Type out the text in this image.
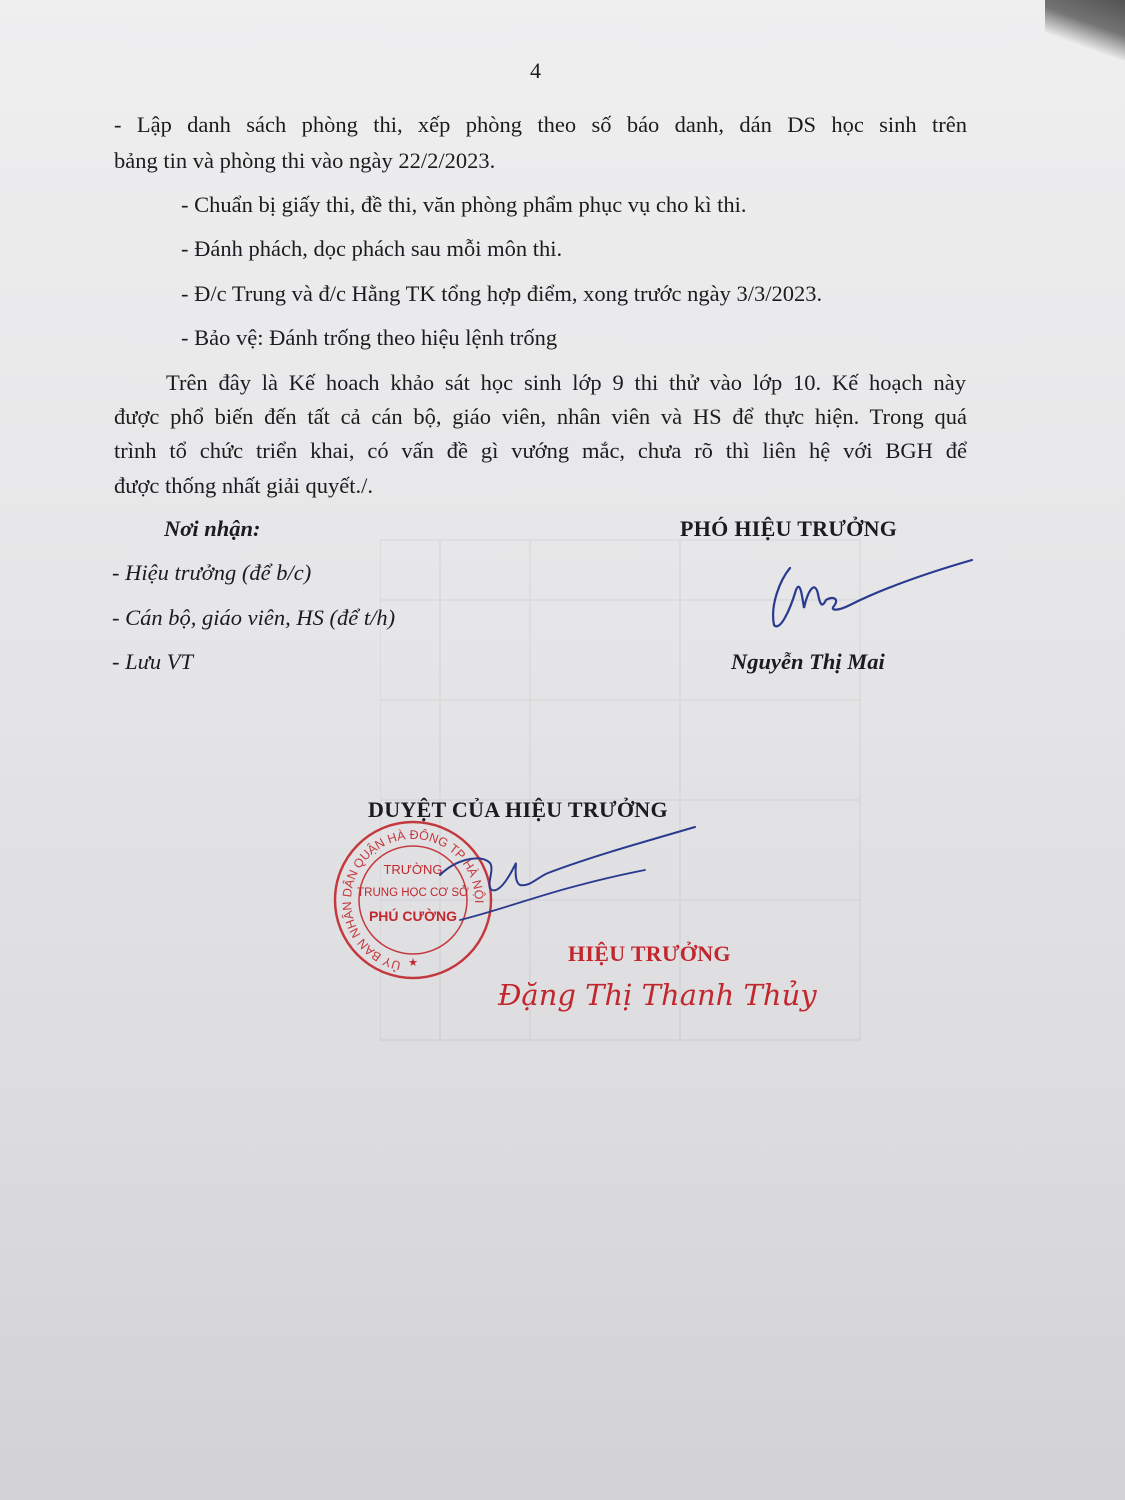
4
- Lập danh sách phòng thi, xếp phòng theo số báo danh, dán DS học sinh trên
bảng tin và phòng thi vào ngày 22/2/2023.
- Chuẩn bị giấy thi, đề thi, văn phòng phẩm phục vụ cho kì thi.
- Đánh phách, dọc phách sau mỗi môn thi.
- Đ/c Trung và đ/c Hằng TK tổng hợp điểm, xong trước ngày 3/3/2023.
- Bảo vệ: Đánh trống theo hiệu lệnh trống
Trên đây là Kế hoach khảo sát học sinh lớp 9 thi thử vào lớp 10. Kế hoạch này
được phổ biến đến tất cả cán bộ, giáo viên, nhân viên và HS để thực hiện. Trong quá
trình tổ chức triển khai, có vấn đề gì vướng mắc, chưa rõ thì liên hệ với BGH để
được thống nhất giải quyết./.
Nơi nhận:
- Hiệu trưởng (để b/c)
- Cán bộ, giáo viên, HS (để t/h)
- Lưu VT
PHÓ HIỆU TRƯỞNG
Nguyễn Thị Mai
DUYỆT CỦA HIỆU TRƯỞNG
ỦY BAN NHÂN DÂN QUẬN HÀ ĐÔNG TP HÀ NỘI
★
TRƯỜNG
TRUNG HỌC CƠ SỞ
PHÚ CƯỜNG
HIỆU TRƯỞNG
Đặng Thị Thanh Thủy
